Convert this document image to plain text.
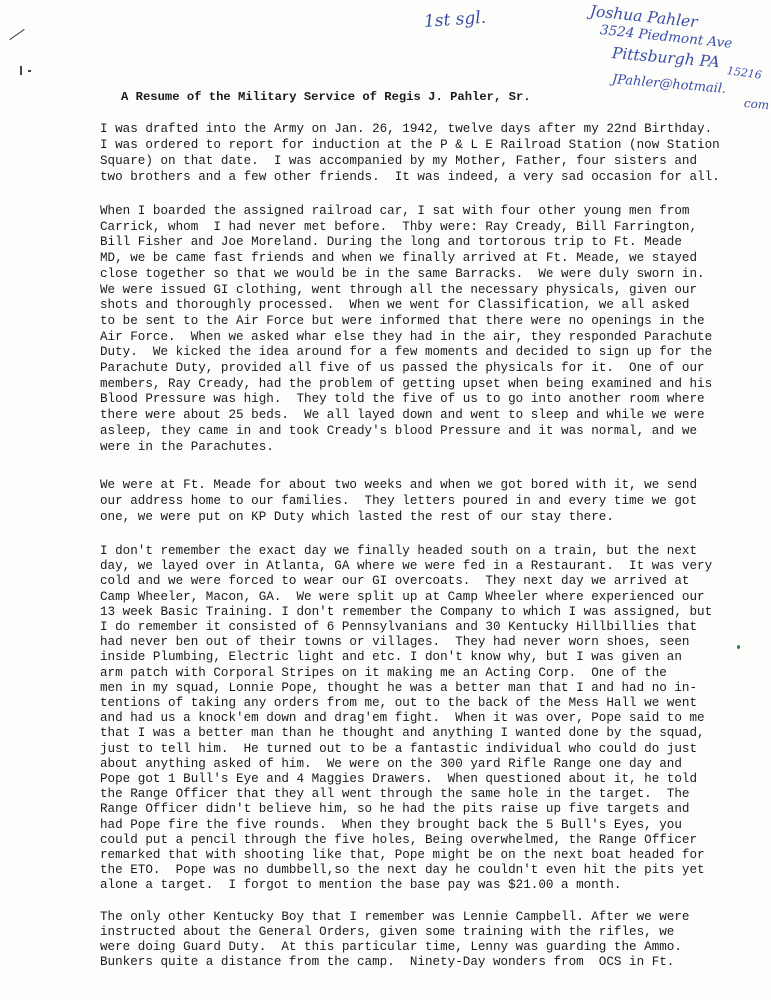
1st sgl.	Joshua Pahler
3524 Piedmont Ave
Pittsburgh PA
15216
JPahler@hotmail.
com
A Resume of the Military Service of Regis J. Pahler, Sr.
I was drafted into the Army on Jan. 26, 1942, twelve days after my 22nd Birthday.
I was ordered to report for induction at the P & L E Railroad Station (now Station
Square) on that date.  I was accompanied by my Mother, Father, four sisters and
two brothers and a few other friends.  It was indeed, a very sad occasion for all.
When I boarded the assigned railroad car, I sat with four other young men from
Carrick, whom  I had never met before.  Thby were: Ray Cready, Bill Farrington,
Bill Fisher and Joe Moreland. During the long and tortorous trip to Ft. Meade
MD, we be came fast friends and when we finally arrived at Ft. Meade, we stayed
close together so that we would be in the same Barracks.  We were duly sworn in.
We were issued GI clothing, went through all the necessary physicals, given our
shots and thoroughly processed.  When we went for Classification, we all asked
to be sent to the Air Force but were informed that there were no openings in the
Air Force.  When we asked whar else they had in the air, they responded Parachute
Duty.  We kicked the idea around for a few moments and decided to sign up for the
Parachute Duty, provided all five of us passed the physicals for it.  One of our
members, Ray Cready, had the problem of getting upset when being examined and his
Blood Pressure was high.  They told the five of us to go into another room where
there were about 25 beds.  We all layed down and went to sleep and while we were
asleep, they came in and took Cready's blood Pressure and it was normal, and we
were in the Parachutes.
We were at Ft. Meade for about two weeks and when we got bored with it, we send
our address home to our families.  They letters poured in and every time we got
one, we were put on KP Duty which lasted the rest of our stay there.
I don't remember the exact day we finally headed south on a train, but the next
day, we layed over in Atlanta, GA where we were fed in a Restaurant.  It was very
cold and we were forced to wear our GI overcoats.  They next day we arrived at
Camp Wheeler, Macon, GA.  We were split up at Camp Wheeler where experienced our
13 week Basic Training. I don't remember the Company to which I was assigned, but
I do remember it consisted of 6 Pennsylvanians and 30 Kentucky Hillbillies that
had never ben out of their towns or villages.  They had never worn shoes, seen
inside Plumbing, Electric light and etc. I don't know why, but I was given an
arm patch with Corporal Stripes on it making me an Acting Corp.  One of the
men in my squad, Lonnie Pope, thought he was a better man that I and had no in-
tentions of taking any orders from me, out to the back of the Mess Hall we went
and had us a knock'em down and drag'em fight.  When it was over, Pope said to me
that I was a better man than he thought and anything I wanted done by the squad,
just to tell him.  He turned out to be a fantastic individual who could do just
about anything asked of him.  We were on the 300 yard Rifle Range one day and
Pope got 1 Bull's Eye and 4 Maggies Drawers.  When questioned about it, he told
the Range Officer that they all went through the same hole in the target.  The
Range Officer didn't believe him, so he had the pits raise up five targets and
had Pope fire the five rounds.  When they brought back the 5 Bull's Eyes, you
could put a pencil through the five holes, Being overwhelmed, the Range Officer
remarked that with shooting like that, Pope might be on the next boat headed for
the ETO.  Pope was no dumbbell,so the next day he couldn't even hit the pits yet
alone a target.  I forgot to mention the base pay was $21.00 a month.
The only other Kentucky Boy that I remember was Lennie Campbell. After we were
instructed about the General Orders, given some training with the rifles, we
were doing Guard Duty.  At this particular time, Lenny was guarding the Ammo.
Bunkers quite a distance from the camp.  Ninety-Day wonders from  OCS in Ft.
